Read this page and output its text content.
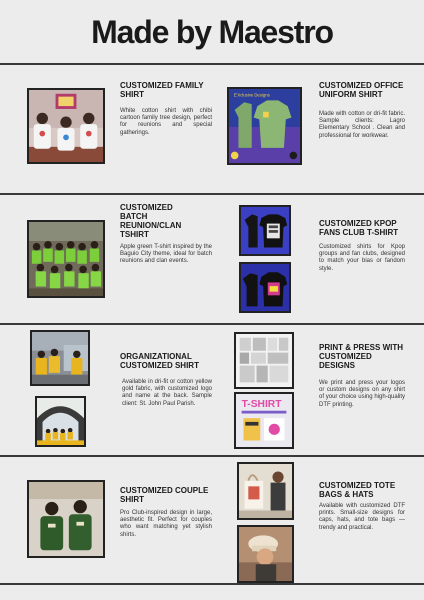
Made by Maestro
CUSTOMIZED FAMILY SHIRT
White cotton shirt with chibi cartoon family tree design, perfect for reunions and special gatherings.
E'Xclusive Designs
CUSTOMIZED OFFICE UNIFORM SHIRT
Made with cotton or dri-fit fabric. Sample clients: Lagro Elementary School . Clean and professional for workwear.
CUSTOMIZED BATCH REUNION/CLAN TSHIRT
Apple green T-shirt inspired by the Baguio City theme, ideal for batch reunions and clan events.
CUSTOMIZED KPOP FANS CLUB T-SHIRT
Customized shirts for Kpop groups and fan clubs, designed to match your bias or fandom style.
ORGANIZATIONAL CUSTOMIZED SHIRT
Available in dri-fit or cotton yellow gold fabric, with customized logo and name at the back. Sample client: St. John Paul Parish.	T-SHIRT
PRINT & PRESS WITH CUSTOMIZED DESIGNS
We print and press your logos or custom designs on any shirt of your choice using high-quality DTF printing.
CUSTOMIZED COUPLE SHIRT
Pro Club-inspired design in large, aesthetic fit. Perfect for couples who want matching yet stylish shirts.
CUSTOMIZED TOTE BAGS & HATS
Available with customized DTF prints. Small-size designs for caps, hats, and tote bags — trendy and practical.
